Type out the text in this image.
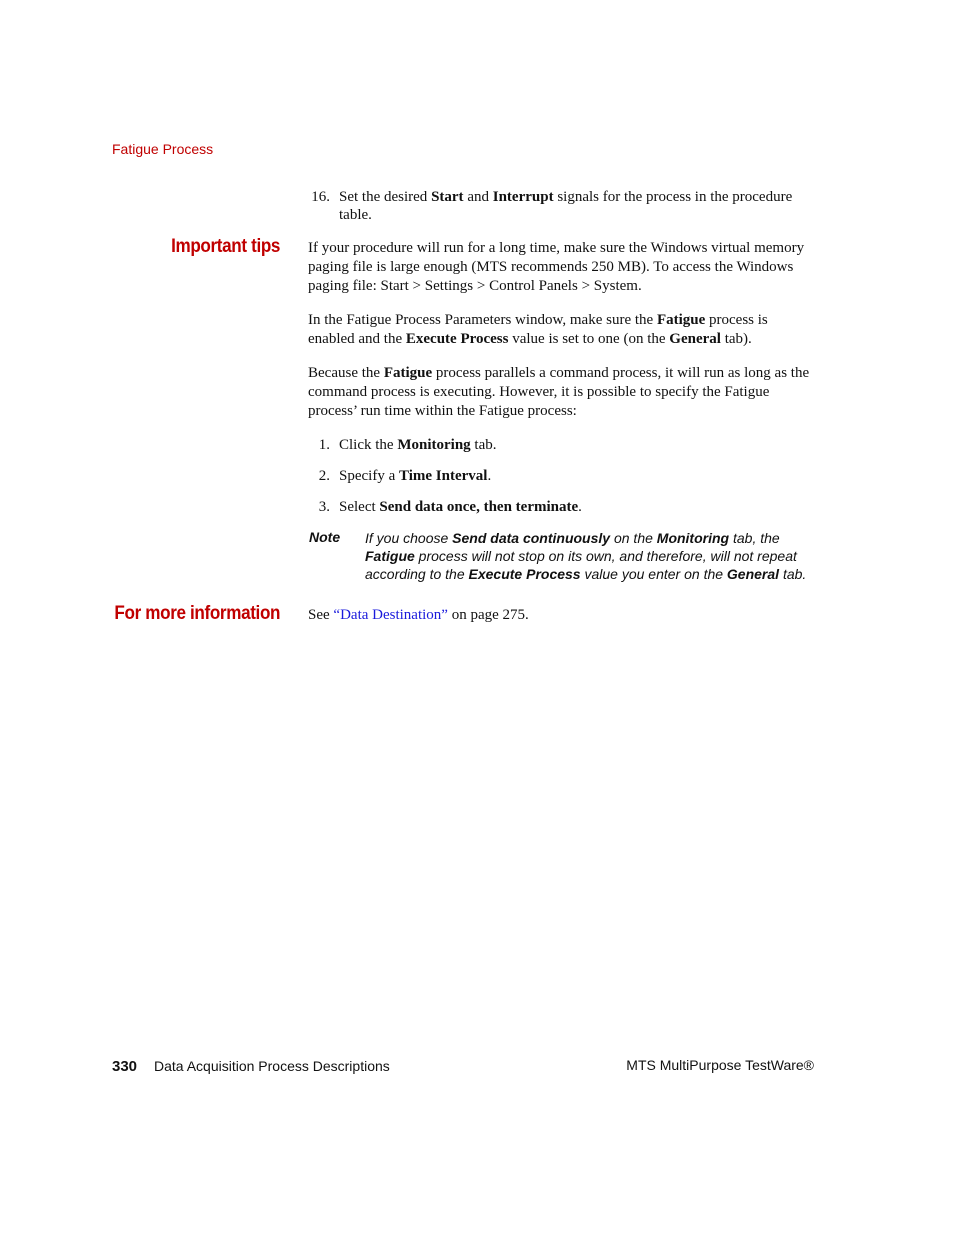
Fatigue Process
16. Set the desired Start and Interrupt signals for the process in the procedure table.
Important tips If your procedure will run for a long time, make sure the Windows virtual memory paging file is large enough (MTS recommends 250 MB). To access the Windows paging file: Start > Settings > Control Panels > System.
In the Fatigue Process Parameters window, make sure the Fatigue process is enabled and the Execute Process value is set to one (on the General tab).
Because the Fatigue process parallels a command process, it will run as long as the command process is executing. However, it is possible to specify the Fatigue process’ run time within the Fatigue process:
1. Click the Monitoring tab.
2. Specify a Time Interval.
3. Select Send data once, then terminate.
Note If you choose Send data continuously on the Monitoring tab, the Fatigue process will not stop on its own, and therefore, will not repeat according to the Execute Process value you enter on the General tab.
For more information See “Data Destination” on page 275.
330 Data Acquisition Process Descriptions	MTS MultiPurpose TestWare®
